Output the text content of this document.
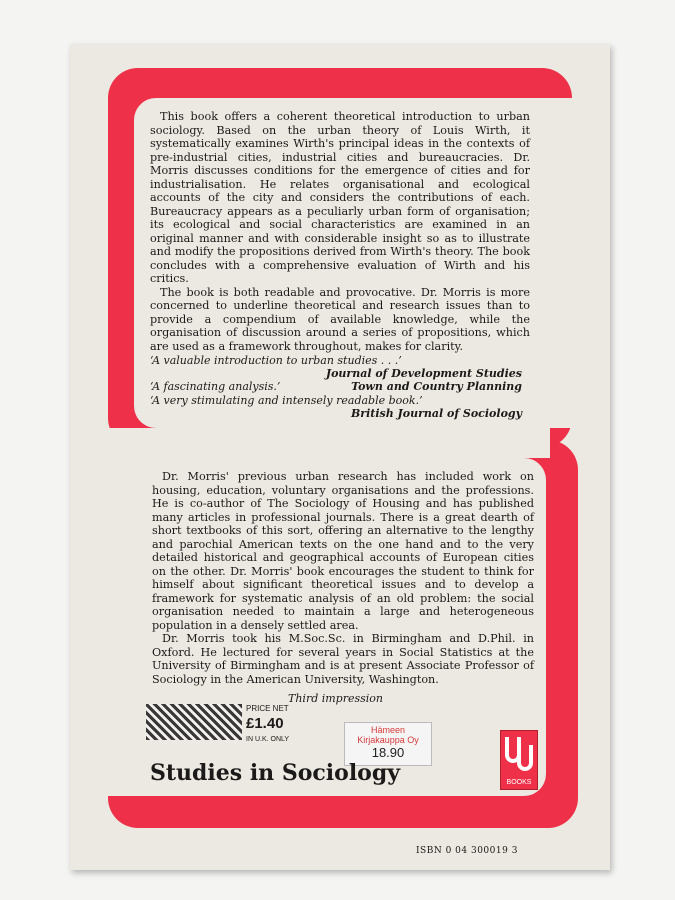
This book offers a coherent theoretical introduction to urban sociology. Based on the urban theory of Louis Wirth, it systematically examines Wirth's principal ideas in the contexts of pre-industrial cities, industrial cities and bureaucracies. Dr. Morris discusses conditions for the emergence of cities and for industrialisation. He relates organisational and ecological accounts of the city and considers the contributions of each. Bureaucracy appears as a peculiarly urban form of organisation; its ecological and social characteristics are examined in an original manner and with considerable insight so as to illustrate and modify the propositions derived from Wirth's theory. The book concludes with a comprehensive evaluation of Wirth and his critics.

The book is both readable and provocative. Dr. Morris is more concerned to underline theoretical and research issues than to provide a compendium of available knowledge, while the organisation of discussion around a series of propositions, which are used as a framework throughout, makes for clarity.

‘A valuable introduction to urban studies . . .’
Journal of Development Studies
‘A fascinating analysis.’	Town and Country Planning
‘A very stimulating and intensely readable book.’
British Journal of Sociology

Dr. Morris' previous urban research has included work on housing, education, voluntary organisations and the professions. He is co-author of The Sociology of Housing and has published many articles in professional journals. There is a great dearth of short textbooks of this sort, offering an alternative to the lengthy and parochial American texts on the one hand and to the very detailed historical and geographical accounts of European cities on the other. Dr. Morris' book encourages the student to think for himself about significant theoretical issues and to develop a framework for systematic analysis of an old problem: the social organisation needed to maintain a large and heterogeneous population in a densely settled area.

Dr. Morris took his M.Soc.Sc. in Birmingham and D.Phil. in Oxford. He lectured for several years in Social Statistics at the University of Birmingham and is at present Associate Professor of Sociology in the American University, Washington.

Third impression
PRICE NET
£1.40
IN U.K. ONLY
Hämeen
Kirjakauppa Oy
18.90
Studies in Sociology	BOOKS
ISBN 0 04 300019 3
